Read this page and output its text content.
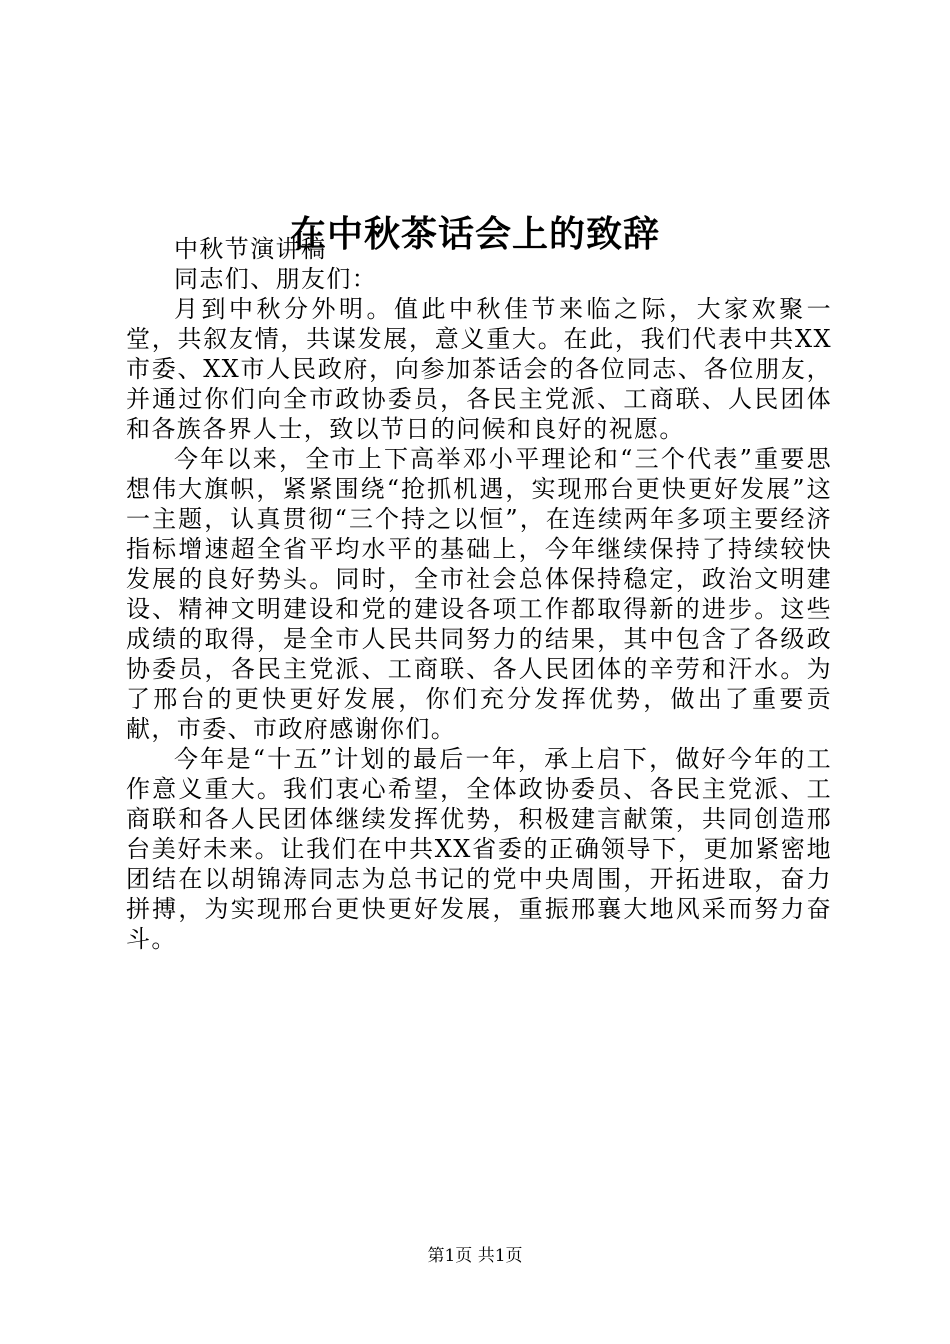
在中秋茶话会上的致辞

中秋节演讲稿

同志们、朋友们：

月到中秋分外明。值此中秋佳节来临之际，大家欢聚一堂，共叙友情，共谋发展，意义重大。在此，我们代表中共XX市委、XX市人民政府，向参加茶话会的各位同志、各位朋友，并通过你们向全市政协委员，各民主党派、工商联、人民团体和各族各界人士，致以节日的问候和良好的祝愿。

今年以来，全市上下高举邓小平理论和“三个代表”重要思想伟大旗帜，紧紧围绕“抢抓机遇，实现邢台更快更好发展”这一主题，认真贯彻“三个持之以恒”，在连续两年多项主要经济指标增速超全省平均水平的基础上，今年继续保持了持续较快发展的良好势头。同时，全市社会总体保持稳定，政治文明建设、精神文明建设和党的建设各项工作都取得新的进步。这些成绩的取得，是全市人民共同努力的结果，其中包含了各级政协委员，各民主党派、工商联、各人民团体的辛劳和汗水。为了邢台的更快更好发展，你们充分发挥优势，做出了重要贡献，市委、市政府感谢你们。

今年是“十五”计划的最后一年，承上启下，做好今年的工作意义重大。我们衷心希望，全体政协委员、各民主党派、工商联和各人民团体继续发挥优势，积极建言献策，共同创造邢台美好未来。让我们在中共XX省委的正确领导下，更加紧密地团结在以胡锦涛同志为总书记的党中央周围，开拓进取，奋力拼搏，为实现邢台更快更好发展，重振邢襄大地风采而努力奋斗。

第1页 共1页
